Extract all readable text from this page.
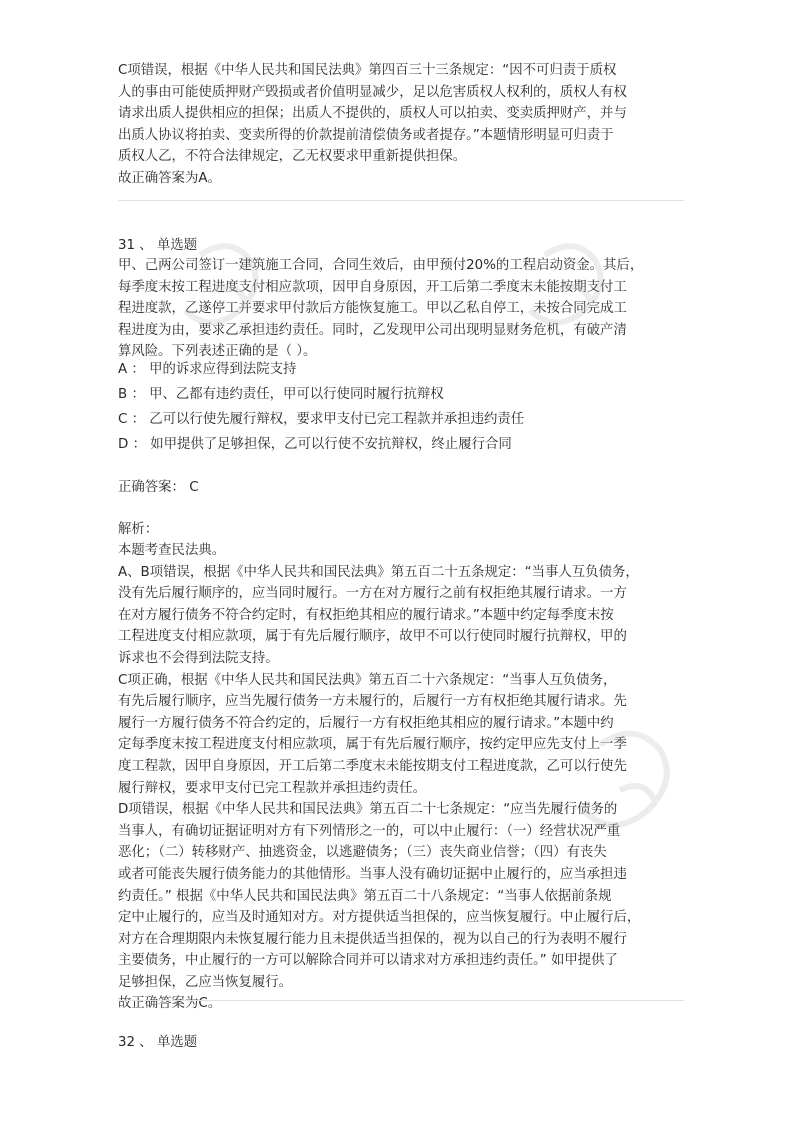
C项错误，根据《中华人民共和国民法典》第四百三十三条规定：“因不可归责于质权
人的事由可能使质押财产毁损或者价值明显减少，足以危害质权人权利的，质权人有权
请求出质人提供相应的担保；出质人不提供的，质权人可以拍卖、变卖质押财产，并与
出质人协议将拍卖、变卖所得的价款提前清偿债务或者提存。”本题情形明显可归责于
质权人乙，不符合法律规定，乙无权要求甲重新提供担保。
故正确答案为A。
31 、 单选题
甲、己两公司签订一建筑施工合同，合同生效后，由甲预付20%的工程启动资金。其后，
每季度末按工程进度支付相应款项，因甲自身原因，开工后第二季度末未能按期支付工
程进度款，乙遂停工并要求甲付款后方能恢复施工。甲以乙私自停工，未按合同完成工
程进度为由，要求乙承担违约责任。同时，乙发现甲公司出现明显财务危机，有破产清
算风险。下列表述正确的是（ ）。
A ： 甲的诉求应得到法院支持
B ： 甲、乙都有违约责任，甲可以行使同时履行抗辩权
C ： 乙可以行使先履行辩权，要求甲支付已完工程款并承担违约责任
D ： 如甲提供了足够担保，乙可以行使不安抗辩权，终止履行合同
正确答案： C
解析：
本题考查民法典。
A、B项错误，根据《中华人民共和国民法典》第五百二十五条规定：“当事人互负债务，
没有先后履行顺序的，应当同时履行。一方在对方履行之前有权拒绝其履行请求。一方
在对方履行债务不符合约定时，有权拒绝其相应的履行请求。”本题中约定每季度末按
工程进度支付相应款项，属于有先后履行顺序，故甲不可以行使同时履行抗辩权，甲的
诉求也不会得到法院支持。
C项正确，根据《中华人民共和国民法典》第五百二十六条规定：“当事人互负债务，
有先后履行顺序，应当先履行债务一方未履行的，后履行一方有权拒绝其履行请求。先
履行一方履行债务不符合约定的，后履行一方有权拒绝其相应的履行请求。”本题中约
定每季度末按工程进度支付相应款项，属于有先后履行顺序，按约定甲应先支付上一季
度工程款，因甲自身原因，开工后第二季度末未能按期支付工程进度款，乙可以行使先
履行辩权，要求甲支付已完工程款并承担违约责任。
D项错误，根据《中华人民共和国民法典》第五百二十七条规定：“应当先履行债务的
当事人，有确切证据证明对方有下列情形之一的，可以中止履行：（一）经营状况严重
恶化；（二）转移财产、抽逃资金，以逃避债务；（三）丧失商业信誉；（四）有丧失
或者可能丧失履行债务能力的其他情形。当事人没有确切证据中止履行的，应当承担违
约责任。” 根据《中华人民共和国民法典》第五百二十八条规定：“当事人依据前条规
定中止履行的，应当及时通知对方。对方提供适当担保的，应当恢复履行。中止履行后，
对方在合理期限内未恢复履行能力且未提供适当担保的，视为以自己的行为表明不履行
主要债务，中止履行的一方可以解除合同并可以请求对方承担违约责任。” 如甲提供了
足够担保，乙应当恢复履行。
故正确答案为C。
32 、 单选题
